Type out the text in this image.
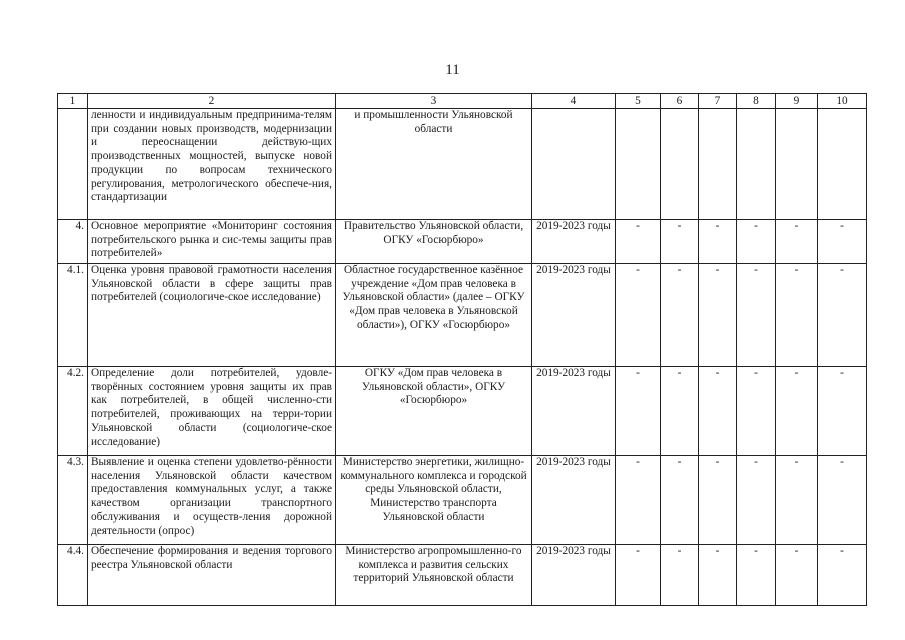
11
1	2	3	4	5	6	7	8	9	10
	ленности и индивидуальным предпринима-телям при создании новых производств, модернизации и переоснащении действую-щих производственных мощностей, выпуске новой продукции по вопросам технического регулирования, метрологического обеспече-ния, стандартизации	и промышленности Ульяновской области							
4.	Основное мероприятие «Мониторинг состояния потребительского рынка и сис-темы защиты прав потребителей»	Правительство Ульяновской области, ОГКУ «Госюрбюро»	2019-2023 годы	-	-	-	-	-	-
4.1.	Оценка уровня правовой грамотности населения Ульяновской области в сфере защиты прав потребителей (социологиче-ское исследование)	Областное государственное казённое учреждение «Дом прав человека в Ульяновской области» (далее – ОГКУ «Дом прав человека в Ульяновской области»), ОГКУ «Госюрбюро»	2019-2023 годы	-	-	-	-	-	-
4.2.	Определение доли потребителей, удовле-творённых состоянием уровня защиты их прав как потребителей, в общей численно-сти потребителей, проживающих на терри-тории Ульяновской области (социологиче-ское исследование)	ОГКУ «Дом прав человека в Ульяновской области», ОГКУ «Госюрбюро»	2019-2023 годы	-	-	-	-	-	-
4.3.	Выявление и оценка степени удовлетво-рённости населения Ульяновской области качеством предоставления коммунальных услуг, а также качеством организации транспортного обслуживания и осуществ-ления дорожной деятельности (опрос)	Министерство энергетики, жилищно-коммунального комплекса и городской среды Ульяновской области, Министерство транспорта Ульяновской области	2019-2023 годы	-	-	-	-	-	-
4.4.	Обеспечение формирования и ведения торгового реестра Ульяновской области	Министерство агропромышленно-го комплекса и развития сельских территорий Ульяновской области	2019-2023 годы	-	-	-	-	-	-
